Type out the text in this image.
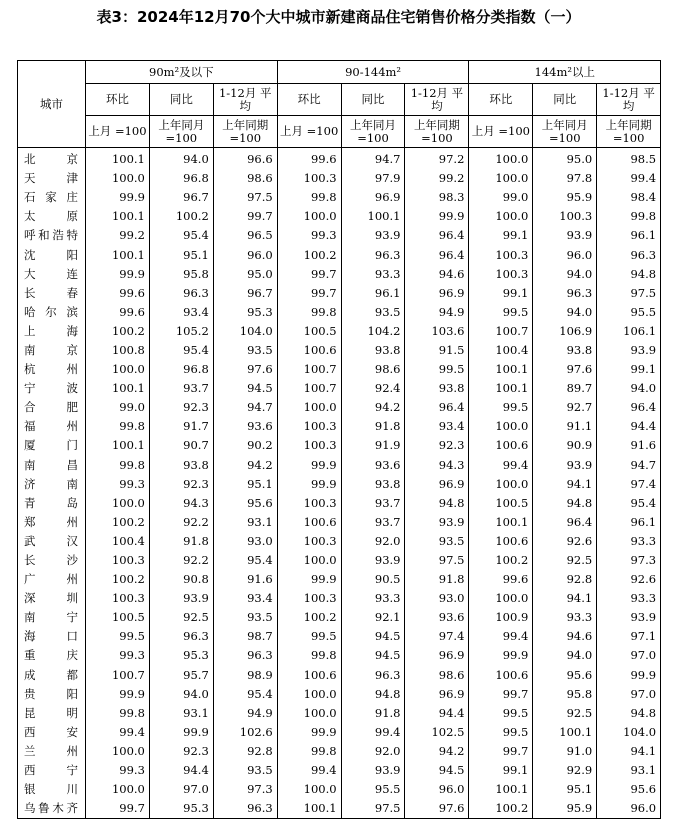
表3：2024年12月70个大中城市新建商品住宅销售价格分类指数（一）
城市	90m²及以下			90-144m²			144m²以上		
	环比	同比	1-12月 平均	环比	同比	1-12月 平均	环比	同比	1-12月 平均
	上月 =100	上年同月 =100	上年同期 =100	上月 =100	上年同月 =100	上年同期 =100	上月 =100	上年同月 =100	上年同期 =100

北京	100.1	94.0	96.6	99.6	94.7	97.2	100.0	95.0	98.5

天津	100.0	96.8	98.6	100.3	97.9	99.2	100.0	97.8	99.4

石家庄	99.9	96.7	97.5	99.8	96.9	98.3	99.0	95.9	98.4

太原	100.1	100.2	99.7	100.0	100.1	99.9	100.0	100.3	99.8

呼和浩特	99.2	95.4	96.5	99.3	93.9	96.4	99.1	93.9	96.1

沈阳	100.1	95.1	96.0	100.2	96.3	96.4	100.3	96.0	96.3

大连	99.9	95.8	95.0	99.7	93.3	94.6	100.3	94.0	94.8

长春	99.6	96.3	96.7	99.7	96.1	96.9	99.1	96.3	97.5

哈尔滨	99.6	93.4	95.3	99.8	93.5	94.9	99.5	94.0	95.5

上海	100.2	105.2	104.0	100.5	104.2	103.6	100.7	106.9	106.1

南京	100.8	95.4	93.5	100.6	93.8	91.5	100.4	93.8	93.9

杭州	100.0	96.8	97.6	100.7	98.6	99.5	100.1	97.6	99.1

宁波	100.1	93.7	94.5	100.7	92.4	93.8	100.1	89.7	94.0

合肥	99.0	92.3	94.7	100.0	94.2	96.4	99.5	92.7	96.4

福州	99.8	91.7	93.6	100.3	91.8	93.4	100.0	91.1	94.4

厦门	100.1	90.7	90.2	100.3	91.9	92.3	100.6	90.9	91.6

南昌	99.8	93.8	94.2	99.9	93.6	94.3	99.4	93.9	94.7

济南	99.3	92.3	95.1	99.9	93.8	96.9	100.0	94.1	97.4

青岛	100.0	94.3	95.6	100.3	93.7	94.8	100.5	94.8	95.4

郑州	100.2	92.2	93.1	100.6	93.7	93.9	100.1	96.4	96.1

武汉	100.4	91.8	93.0	100.3	92.0	93.5	100.6	92.6	93.3

长沙	100.3	92.2	95.4	100.0	93.9	97.5	100.2	92.5	97.3

广州	100.2	90.8	91.6	99.9	90.5	91.8	99.6	92.8	92.6

深圳	100.3	93.9	93.4	100.3	93.3	93.0	100.0	94.1	93.3

南宁	100.5	92.5	93.5	100.2	92.1	93.6	100.9	93.3	93.9

海口	99.5	96.3	98.7	99.5	94.5	97.4	99.4	94.6	97.1

重庆	99.3	95.3	96.3	99.8	94.5	96.9	99.9	94.0	97.0

成都	100.7	95.7	98.9	100.6	96.3	98.6	100.6	95.6	99.9

贵阳	99.9	94.0	95.4	100.0	94.8	96.9	99.7	95.8	97.0

昆明	99.8	93.1	94.9	100.0	91.8	94.4	99.5	92.5	94.8

西安	99.4	99.9	102.6	99.9	99.4	102.5	99.5	100.1	104.0

兰州	100.0	92.3	92.8	99.8	92.0	94.2	99.7	91.0	94.1

西宁	99.3	94.4	93.5	99.4	93.9	94.5	99.1	92.9	93.1

银川	100.0	97.0	97.3	100.0	95.5	96.0	100.1	95.1	95.6

乌鲁木齐	99.7	95.3	96.3	100.1	97.5	97.6	100.2	95.9	96.0
